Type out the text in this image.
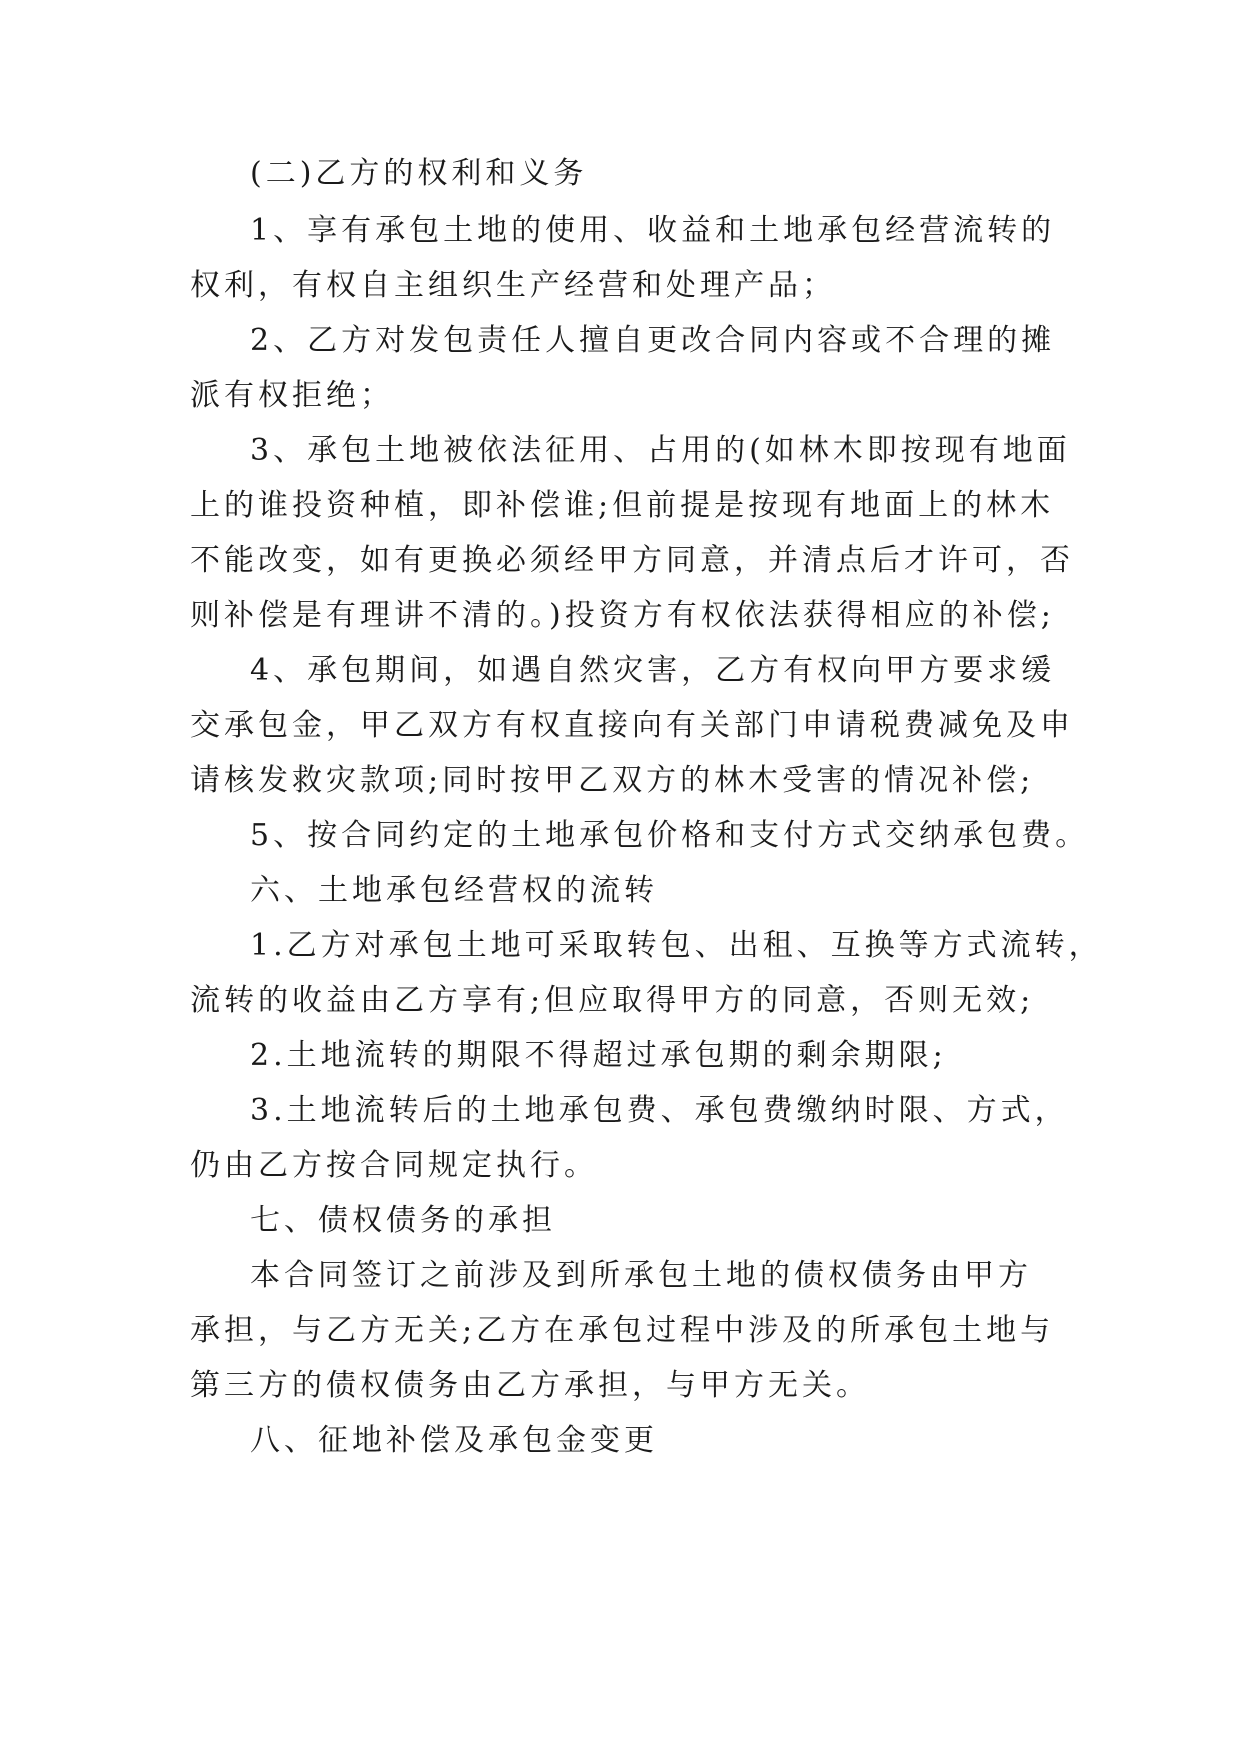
(二)乙方的权利和义务
1、享有承包土地的使用、收益和土地承包经营流转的
权利，有权自主组织生产经营和处理产品；
2、乙方对发包责任人擅自更改合同内容或不合理的摊
派有权拒绝；
3、承包土地被依法征用、占用的(如林木即按现有地面
上的谁投资种植，即补偿谁;但前提是按现有地面上的林木
不能改变，如有更换必须经甲方同意，并清点后才许可，否
则补偿是有理讲不清的。)投资方有权依法获得相应的补偿;
4、承包期间，如遇自然灾害，乙方有权向甲方要求缓
交承包金，甲乙双方有权直接向有关部门申请税费减免及申
请核发救灾款项;同时按甲乙双方的林木受害的情况补偿;
5、按合同约定的土地承包价格和支付方式交纳承包费。
六、土地承包经营权的流转
1.乙方对承包土地可采取转包、出租、互换等方式流转，
流转的收益由乙方享有;但应取得甲方的同意，否则无效;
2.土地流转的期限不得超过承包期的剩余期限;
3.土地流转后的土地承包费、承包费缴纳时限、方式，
仍由乙方按合同规定执行。
七、债权债务的承担
本合同签订之前涉及到所承包土地的债权债务由甲方
承担，与乙方无关;乙方在承包过程中涉及的所承包土地与
第三方的债权债务由乙方承担，与甲方无关。
八、征地补偿及承包金变更
